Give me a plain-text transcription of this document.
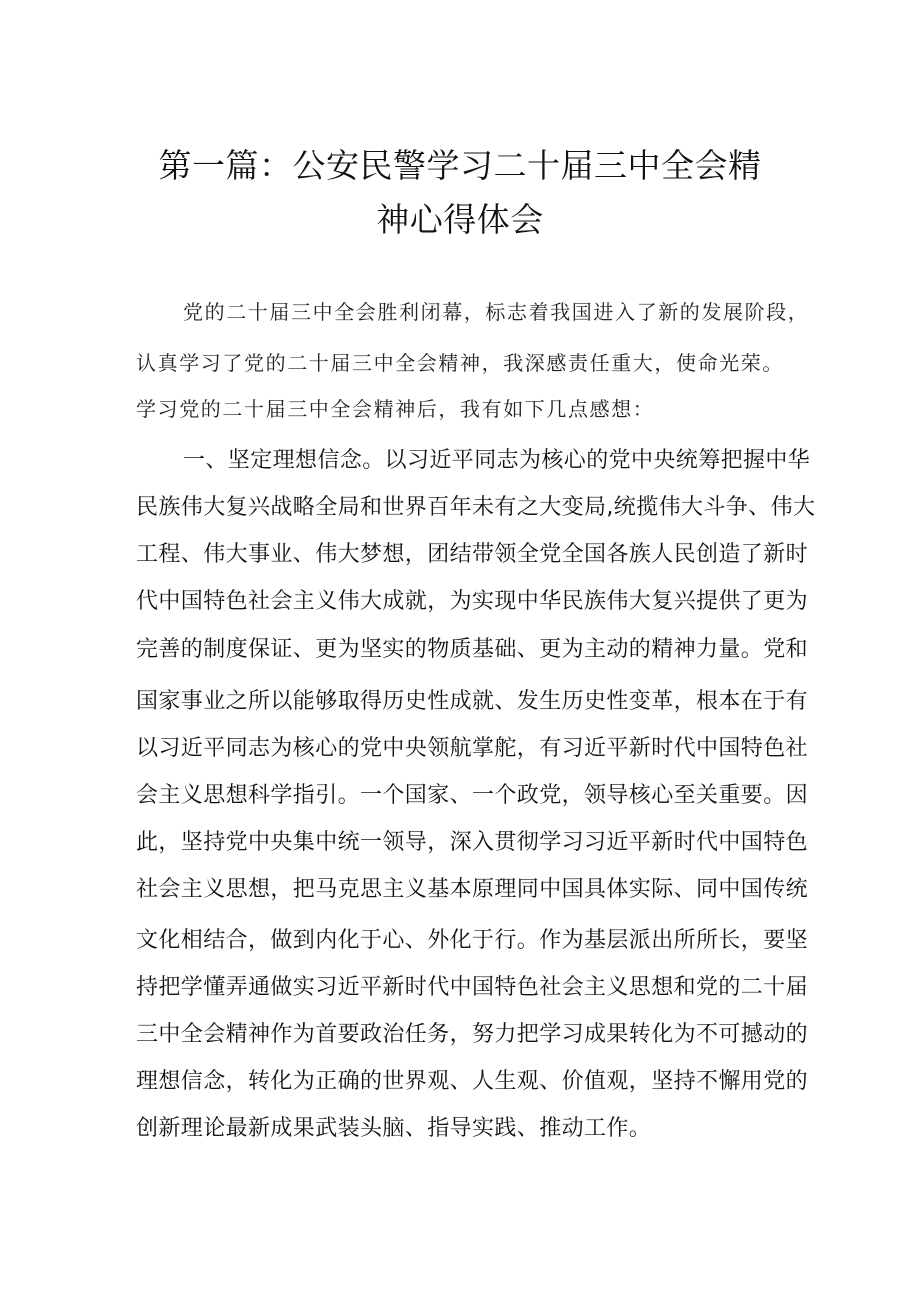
第一篇：公安民警学习二十届三中全会精
神心得体会
党的二十届三中全会胜利闭幕，标志着我国进入了新的发展阶段，
认真学习了党的二十届三中全会精神，我深感责任重大，使命光荣。
学习党的二十届三中全会精神后，我有如下几点感想：
一、坚定理想信念。以习近平同志为核心的党中央统筹把握中华
民族伟大复兴战略全局和世界百年未有之大变局,统揽伟大斗争、伟大
工程、伟大事业、伟大梦想，团结带领全党全国各族人民创造了新时
代中国特色社会主义伟大成就，为实现中华民族伟大复兴提供了更为
完善的制度保证、更为坚实的物质基础、更为主动的精神力量。党和
国家事业之所以能够取得历史性成就、发生历史性变革，根本在于有
以习近平同志为核心的党中央领航掌舵，有习近平新时代中国特色社
会主义思想科学指引。一个国家、一个政党，领导核心至关重要。因
此，坚持党中央集中统一领导，深入贯彻学习习近平新时代中国特色
社会主义思想，把马克思主义基本原理同中国具体实际、同中国传统
文化相结合，做到内化于心、外化于行。作为基层派出所所长，要坚
持把学懂弄通做实习近平新时代中国特色社会主义思想和党的二十届
三中全会精神作为首要政治任务，努力把学习成果转化为不可撼动的
理想信念，转化为正确的世界观、人生观、价值观，坚持不懈用党的
创新理论最新成果武装头脑、指导实践、推动工作。
